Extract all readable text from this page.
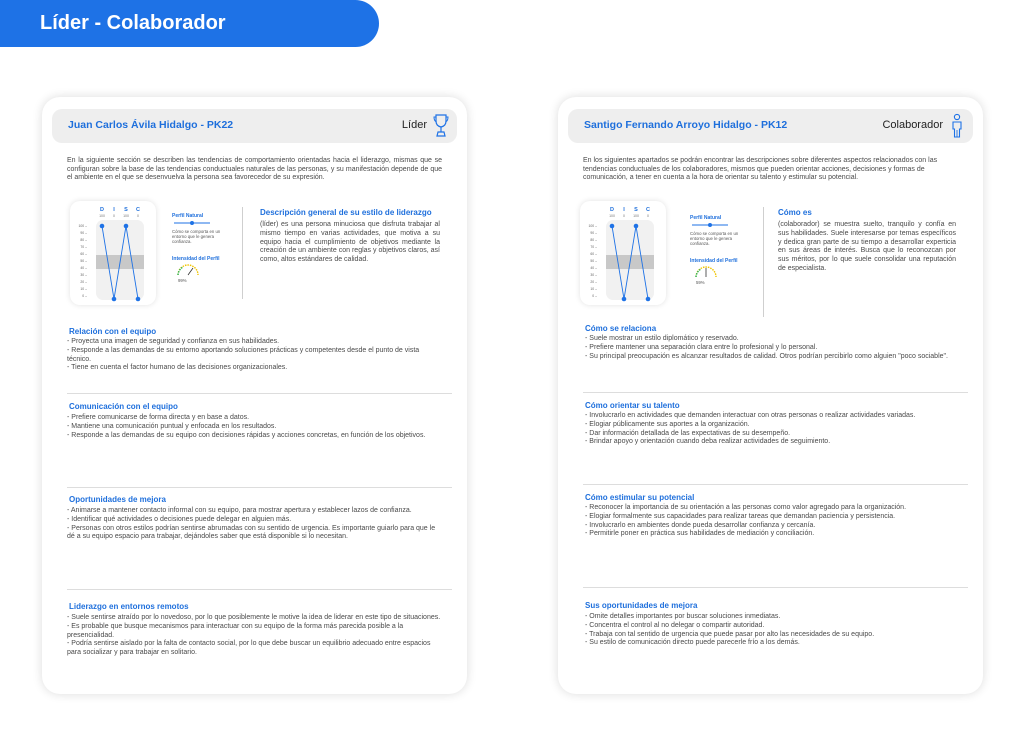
Líder - Colaborador
Juan Carlos Ávila Hidalgo - PK22	Líder
En la siguiente sección se describen las tendencias de comportamiento orientadas hacia el liderazgo, mismas que se configuran sobre la base de las tendencias conductuales naturales de las personas, y su manifestación depende de que el ambiente en el que se desenvuelva la persona sea favorecedor de su expresión.
D I S C
100 0 100 0
100 –
90 –
80 –
70 –
60 –
50 –
40 –
30 –
20 –
10 –
0 –
Perfil Natural
Cómo se comporta en un entorno que le genera confianza.
Intensidad del Perfil
99%
Descripción general de su estilo de liderazgo
(líder) es una persona minuciosa que disfruta trabajar al mismo tiempo en varias actividades, que motiva a su equipo hacia el cumplimiento de objetivos mediante la creación de un ambiente con reglas y objetivos claros, así como, altos estándares de calidad.
Relación con el equipo
- Proyecta una imagen de seguridad y confianza en sus habilidades.
- Responde a las demandas de su entorno aportando soluciones prácticas y competentes desde el punto de vista técnico.
- Tiene en cuenta el factor humano de las decisiones organizacionales.
Comunicación con el equipo
- Prefiere comunicarse de forma directa y en base a datos.
- Mantiene una comunicación puntual y enfocada en los resultados.
- Responde a las demandas de su equipo con decisiones rápidas y acciones concretas, en función de los objetivos.
Oportunidades de mejora
- Animarse a mantener contacto informal con su equipo, para mostrar apertura y establecer lazos de confianza.
- Identificar qué actividades o decisiones puede delegar en alguien más.
- Personas con otros estilos podrían sentirse abrumadas con su sentido de urgencia. Es importante guiarlo para que le dé a su equipo espacio para trabajar, dejándoles saber que está disponible si lo necesitan.
Liderazgo en entornos remotos
- Suele sentirse atraído por lo novedoso, por lo que posiblemente le motive la idea de liderar en este tipo de situaciones.
- Es probable que busque mecanismos para interactuar con su equipo de la forma más parecida posible a la presencialidad.
- Podría sentirse aislado por la falta de contacto social, por lo que debe buscar un equilibrio adecuado entre espacios para socializar y para trabajar en solitario.
Santigo Fernando Arroyo Hidalgo - PK12	Colaborador
En los siguientes apartados se podrán encontrar las descripciones sobre diferentes aspectos relacionados con las tendencias conductuales de los colaboradores, mismos que pueden orientar acciones, decisiones y formas de comunicación, a tener en cuenta a la hora de orientar su talento y estimular su potencial.
D I S C
100 0 100 0
100 –
90 –
80 –
70 –
60 –
50 –
40 –
30 –
20 –
10 –
0 –
Perfil Natural
Cómo se comporta en un entorno que le genera confianza.
Intensidad del Perfil
59%
Cómo es
(colaborador) se muestra suelto, tranquilo y confía en sus habilidades. Suele interesarse por temas específicos y dedica gran parte de su tiempo a desarrollar experticia en sus áreas de interés. Busca que lo reconozcan por sus méritos, por lo que suele consolidar una reputación de especialista.
Cómo se relaciona
- Suele mostrar un estilo diplomático y reservado.
- Prefiere mantener una separación clara entre lo profesional y lo personal.
- Su principal preocupación es alcanzar resultados de calidad. Otros podrían percibirlo como alguien "poco sociable".
Cómo orientar su talento
- Involucrarlo en actividades que demanden interactuar con otras personas o realizar actividades variadas.
- Elogiar públicamente sus aportes a la organización.
- Dar información detallada de las expectativas de su desempeño.
- Brindar apoyo y orientación cuando deba realizar actividades de seguimiento.
Cómo estimular su potencial
- Reconocer la importancia de su orientación a las personas como valor agregado para la organización.
- Elogiar formalmente sus capacidades para realizar tareas que demandan paciencia y persistencia.
- Involucrarlo en ambientes donde pueda desarrollar confianza y cercanía.
- Permitirle poner en práctica sus habilidades de mediación y conciliación.
Sus oportunidades de mejora
- Omite detalles importantes por buscar soluciones inmediatas.
- Concentra el control al no delegar o compartir autoridad.
- Trabaja con tal sentido de urgencia que puede pasar por alto las necesidades de su equipo.
- Su estilo de comunicación directo puede parecerle frío a los demás.
